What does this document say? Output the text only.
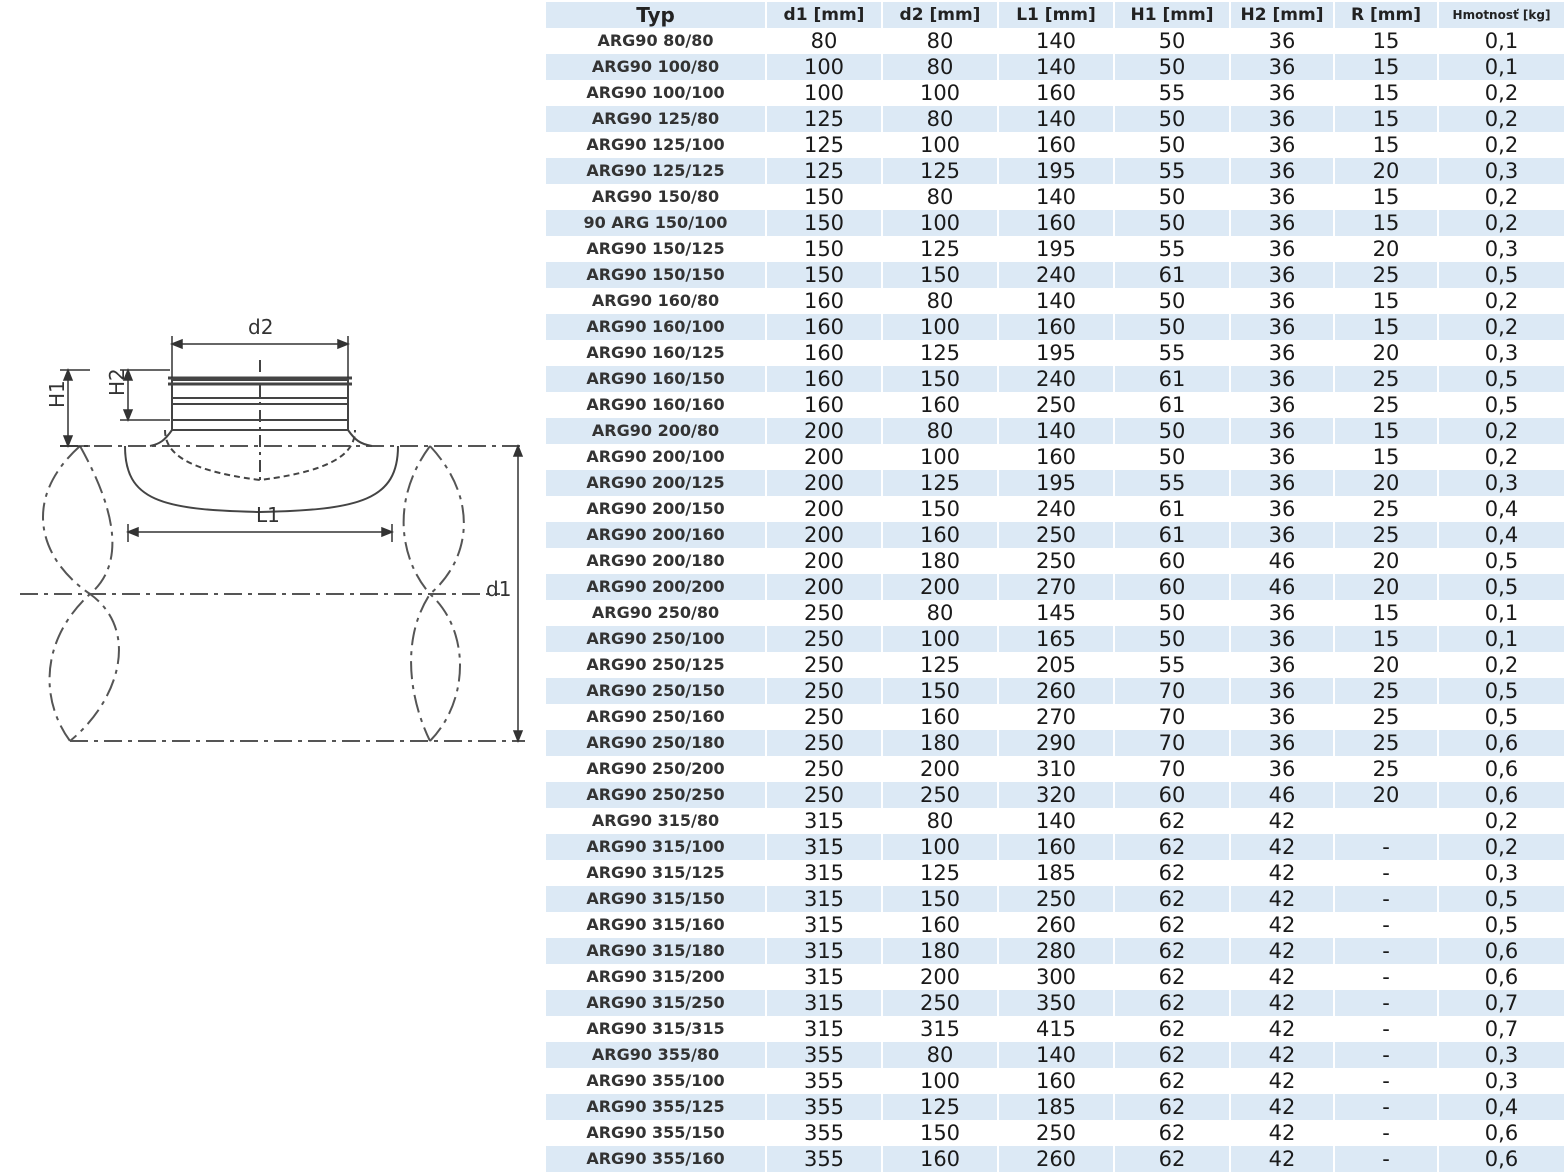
d2
H1 H2
L1
d1
Typ	d1 [mm]	d2 [mm]	L1 [mm]	H1 [mm]	H2 [mm]	R [mm]	Hmotnosť [kg]
ARG90 80/80	80	80	140	50	36	15	0,1
ARG90 100/80	100	80	140	50	36	15	0,1
ARG90 100/100	100	100	160	55	36	15	0,2
ARG90 125/80	125	80	140	50	36	15	0,2
ARG90 125/100	125	100	160	50	36	15	0,2
ARG90 125/125	125	125	195	55	36	20	0,3
ARG90 150/80	150	80	140	50	36	15	0,2
90 ARG 150/100	150	100	160	50	36	15	0,2
ARG90 150/125	150	125	195	55	36	20	0,3
ARG90 150/150	150	150	240	61	36	25	0,5
ARG90 160/80	160	80	140	50	36	15	0,2
ARG90 160/100	160	100	160	50	36	15	0,2
ARG90 160/125	160	125	195	55	36	20	0,3
ARG90 160/150	160	150	240	61	36	25	0,5
ARG90 160/160	160	160	250	61	36	25	0,5
ARG90 200/80	200	80	140	50	36	15	0,2
ARG90 200/100	200	100	160	50	36	15	0,2
ARG90 200/125	200	125	195	55	36	20	0,3
ARG90 200/150	200	150	240	61	36	25	0,4
ARG90 200/160	200	160	250	61	36	25	0,4
ARG90 200/180	200	180	250	60	46	20	0,5
ARG90 200/200	200	200	270	60	46	20	0,5
ARG90 250/80	250	80	145	50	36	15	0,1
ARG90 250/100	250	100	165	50	36	15	0,1
ARG90 250/125	250	125	205	55	36	20	0,2
ARG90 250/150	250	150	260	70	36	25	0,5
ARG90 250/160	250	160	270	70	36	25	0,5
ARG90 250/180	250	180	290	70	36	25	0,6
ARG90 250/200	250	200	310	70	36	25	0,6
ARG90 250/250	250	250	320	60	46	20	0,6
ARG90 315/80	315	80	140	62	42		0,2
ARG90 315/100	315	100	160	62	42	-	0,2
ARG90 315/125	315	125	185	62	42	-	0,3
ARG90 315/150	315	150	250	62	42	-	0,5
ARG90 315/160	315	160	260	62	42	-	0,5
ARG90 315/180	315	180	280	62	42	-	0,6
ARG90 315/200	315	200	300	62	42	-	0,6
ARG90 315/250	315	250	350	62	42	-	0,7
ARG90 315/315	315	315	415	62	42	-	0,7
ARG90 355/80	355	80	140	62	42	-	0,3
ARG90 355/100	355	100	160	62	42	-	0,3
ARG90 355/125	355	125	185	62	42	-	0,4
ARG90 355/150	355	150	250	62	42	-	0,6
ARG90 355/160	355	160	260	62	42	-	0,6
